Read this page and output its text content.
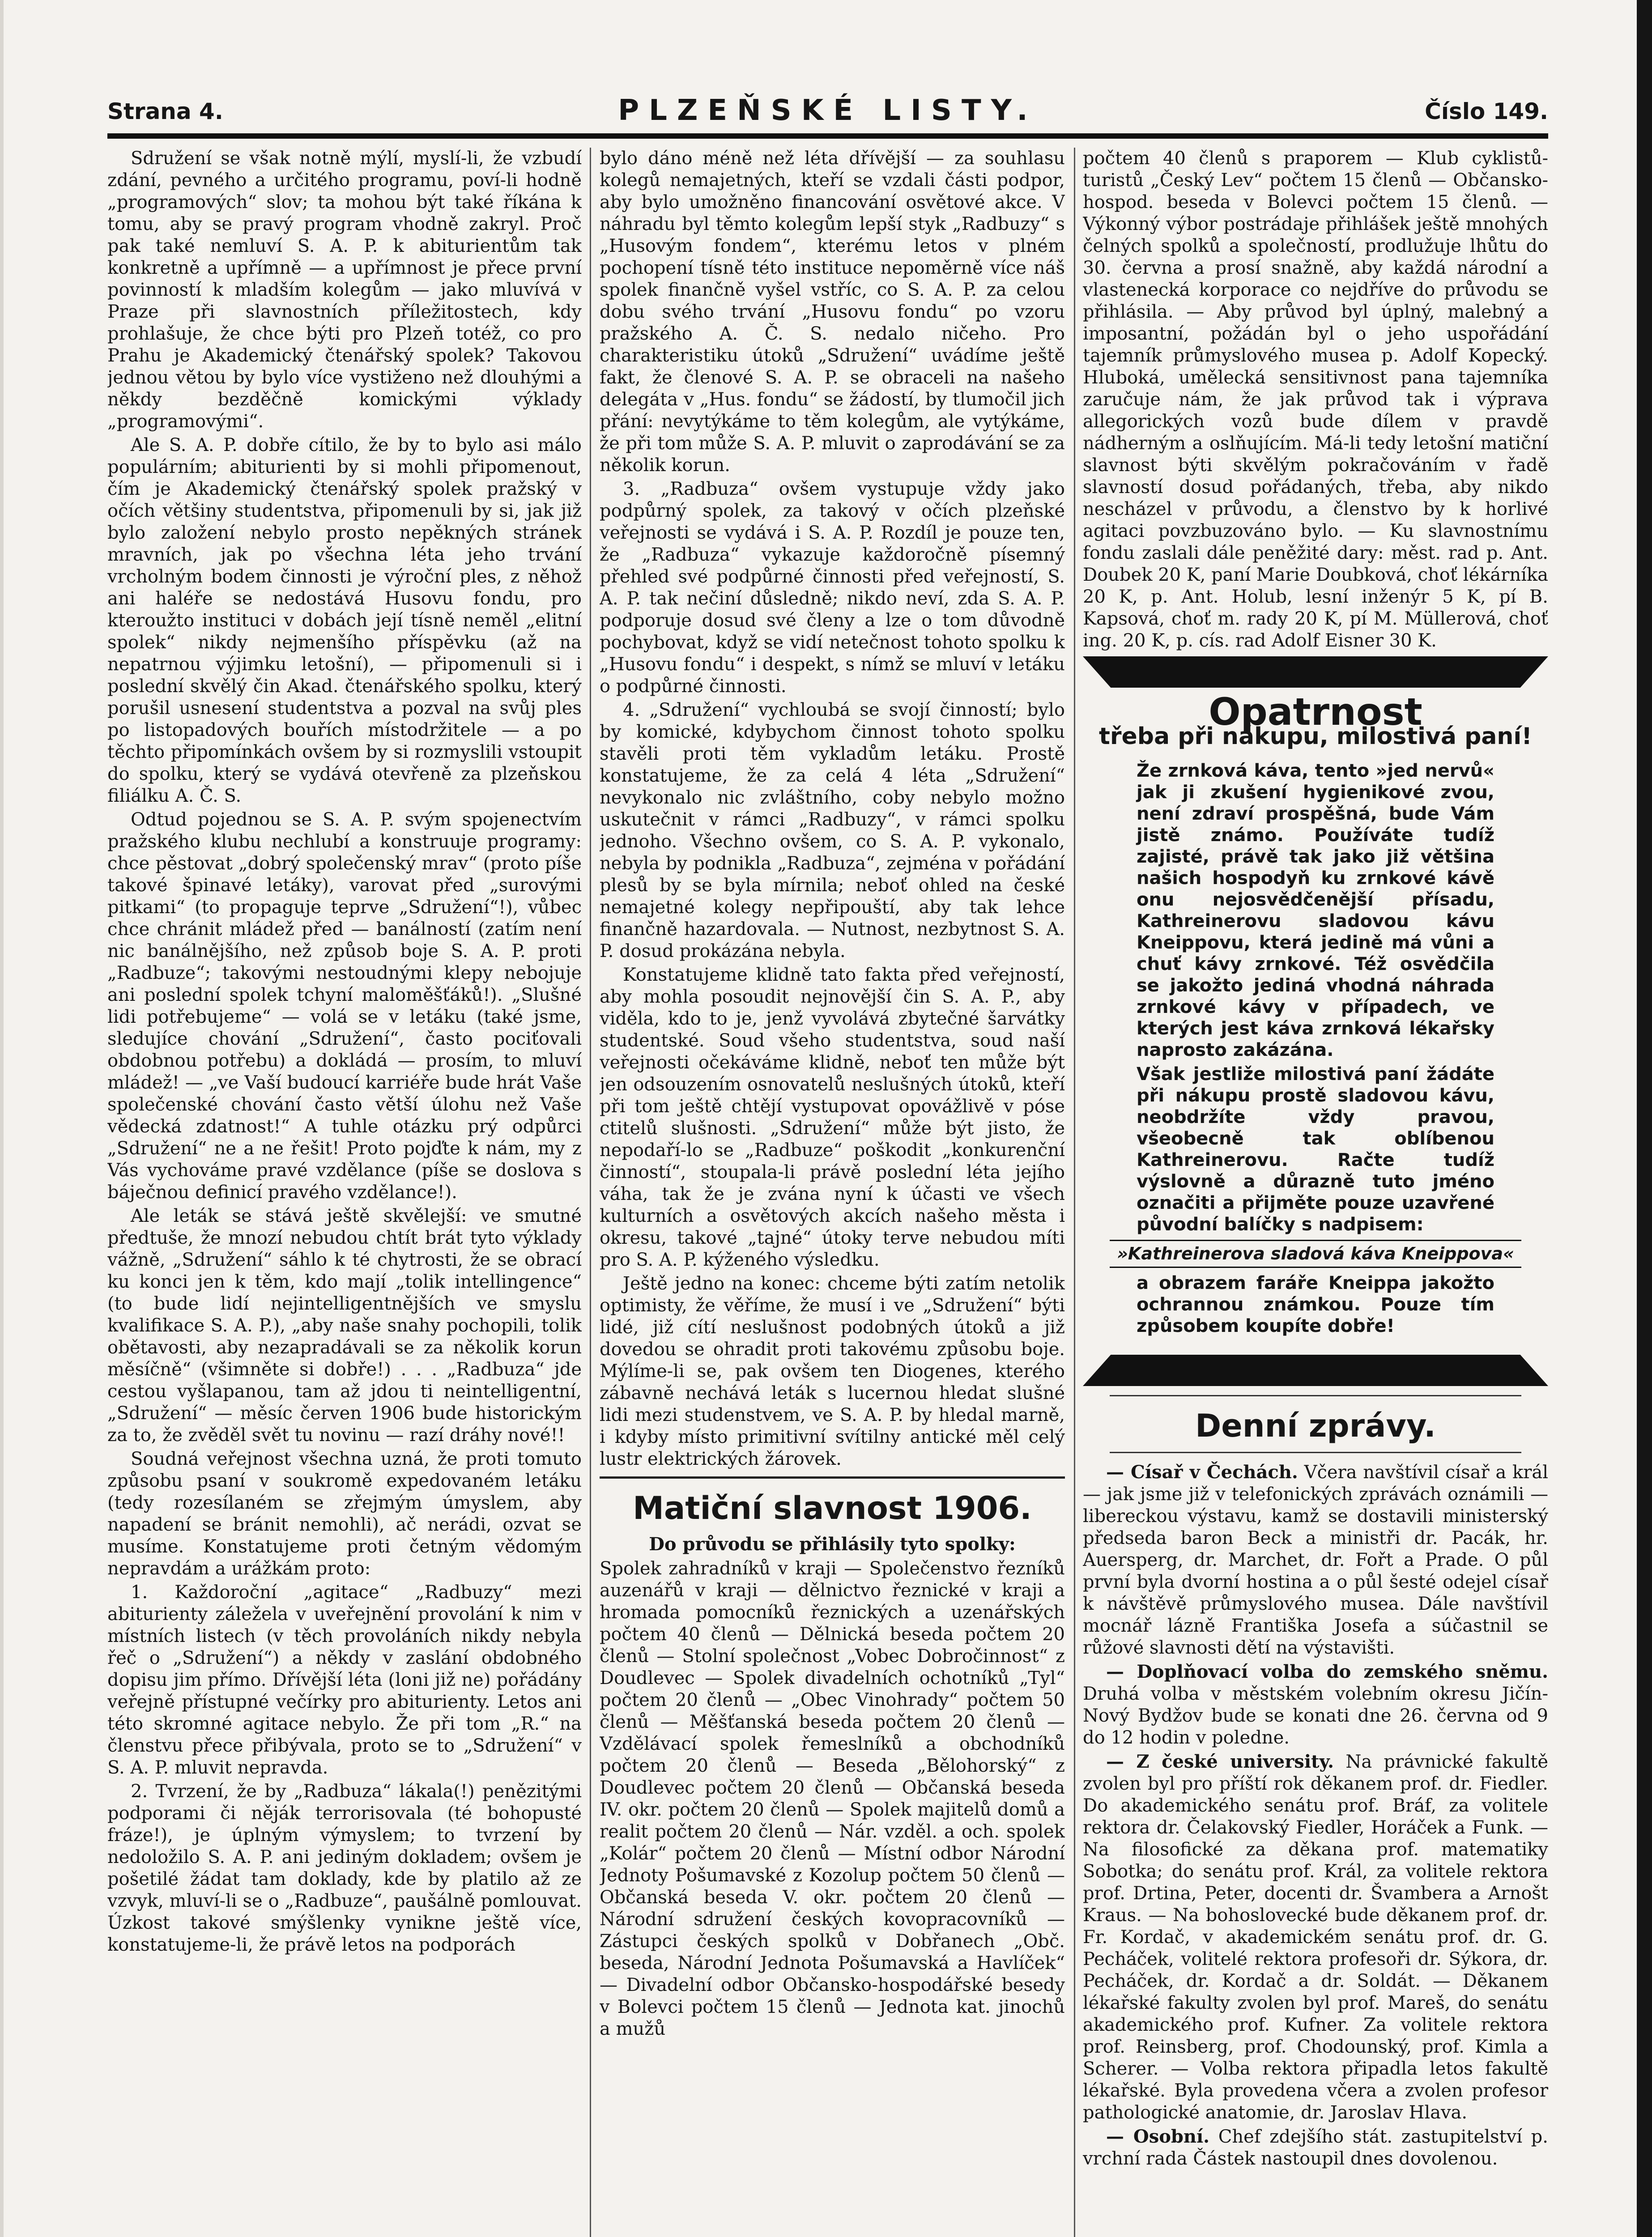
Strana 4.	PLZEŇSKÉ LISTY.	Číslo 149.

Sdružení se však notně mýlí, myslí-li, že vzbudí zdání, pevného a určitého programu, poví-li hodně „programových“ slov; ta mohou být také říkána k tomu, aby se pravý program vhodně zakryl. Proč pak také nemluví S. A. P. k abiturientům tak konkretně a upřímně — a upřímnost je přece první povinností k mladším kolegům — jako mluvívá v Praze při slavnostních příležitostech, kdy prohlašuje, že chce býti pro Plzeň totéž, co pro Prahu je Akademický čtenářský spolek? Takovou jednou větou by bylo více vystiženo než dlouhými a někdy bezděčně komickými výklady „programovými“.

Ale S. A. P. dobře cítilo, že by to bylo asi málo populárním; abiturienti by si mohli připomenout, čím je Akademický čtenářský spolek pražský v očích většiny studentstva, připomenuli by si, jak již bylo založení nebylo prosto nepěkných stránek mravních, jak po všechna léta jeho trvání vrcholným bodem činnosti je výroční ples, z něhož ani haléře se nedostává Husovu fondu, pro kteroužto instituci v dobách její tísně neměl „elitní spolek“ nikdy nejmenšího příspěvku (až na nepatrnou výjimku letošní), — připomenuli si i poslední skvělý čin Akad. čtenářského spolku, který porušil usnesení studentstva a pozval na svůj ples po listopadových bouřích místodržitele — a po těchto připomínkách ovšem by si rozmyslili vstoupit do spolku, který se vydává otevřeně za plzeňskou filiálku A. Č. S.

Odtud pojednou se S. A. P. svým spojenectvím pražského klubu nechlubí a konstruuje programy: chce pěstovat „dobrý společenský mrav“ (proto píše takové špinavé letáky), varovat před „surovými pitkami“ (to propaguje teprve „Sdružení“!), vůbec chce chránit mládež před — banálností (zatím není nic banálnějšího, než způsob boje S. A. P. proti „Radbuze“; takovými nestoudnými klepy nebojuje ani poslední spolek tchyní maloměšťáků!). „Slušné lidi potřebujeme“ — volá se v letáku (také jsme, sledujíce chování „Sdružení“, často pociťovali obdobnou potřebu) a dokládá — prosím, to mluví mládež! — „ve Vaší budoucí karriéře bude hrát Vaše společenské chování často větší úlohu než Vaše vědecká zdatnost!“ A tuhle otázku prý odpůrci „Sdružení“ ne a ne řešit! Proto pojďte k nám, my z Vás vychováme pravé vzdělance (píše se doslova s báječnou definicí pravého vzdělance!).

Ale leták se stává ještě skvělejší: ve smutné předtuše, že mnozí nebudou chtít brát tyto výklady vážně, „Sdružení“ sáhlo k té chytrosti, že se obrací ku konci jen k těm, kdo mají „tolik intellingence“ (to bude lidí nejintelligentnějších ve smyslu kvalifikace S. A. P.), „aby naše snahy pochopili, tolik obětavosti, aby nezapradávali se za několik korun měsíčně“ (všimněte si dobře!) . . . „Radbuza“ jde cestou vyšlapanou, tam až jdou ti neintelligentní, „Sdružení“ — měsíc červen 1906 bude historickým za to, že zvěděl svět tu novinu — razí dráhy nové!!

Soudná veřejnost všechna uzná, že proti tomuto způsobu psaní v soukromě expedovaném letáku (tedy rozesílaném se zřejmým úmyslem, aby napadení se bránit nemohli), ač nerádi, ozvat se musíme. Konstatujeme proti četným vědomým nepravdám a urážkám proto:

1. Každoroční „agitace“ „Radbuzy“ mezi abiturienty záležela v uveřejnění provolání k nim v místních listech (v těch provoláních nikdy nebyla řeč o „Sdružení“) a někdy v zaslání obdobného dopisu jim přímo. Dřívější léta (loni již ne) pořádány veřejně přístupné večírky pro abiturienty. Letos ani této skromné agitace nebylo. Že při tom „R.“ na členstvu přece přibývala, proto se to „Sdružení“ v S. A. P. mluvit nepravda.

2. Tvrzení, že by „Radbuza“ lákala(!) penězitými podporami či něják terrorisovala (té bohopusté fráze!), je úplným výmyslem; to tvrzení by nedoložilo S. A. P. ani jediným dokladem; ovšem je pošetilé žádat tam doklady, kde by platilo až ze vzvyk, mluví-li se o „Radbuze“, paušálně pomlouvat. Úzkost takové smýšlenky vynikne ještě více, konstatujeme-li, že právě letos na podporách

bylo dáno méně než léta dřívější — za souhlasu kolegů nemajetných, kteří se vzdali části podpor, aby bylo umožněno financování osvětové akce. V náhradu byl těmto kolegům lepší styk „Radbuzy“ s „Husovým fondem“, kterému letos v plném pochopení tísně této instituce nepoměrně více náš spolek finančně vyšel vstříc, co S. A. P. za celou dobu svého trvání „Husovu fondu“ po vzoru pražského A. Č. S. nedalo ničeho. Pro charakteristiku útoků „Sdružení“ uvádíme ještě fakt, že členové S. A. P. se obraceli na našeho delegáta v „Hus. fondu“ se žádostí, by tlumočil jich přání: nevytýkáme to těm kolegům, ale vytýkáme, že při tom může S. A. P. mluvit o zaprodávání se za několik korun.

3. „Radbuza“ ovšem vystupuje vždy jako podpůrný spolek, za takový v očích plzeňské veřejnosti se vydává i S. A. P. Rozdíl je pouze ten, že „Radbuza“ vykazuje každoročně písemný přehled své podpůrné činnosti před veřejností, S. A. P. tak nečiní důsledně; nikdo neví, zda S. A. P. podporuje dosud své členy a lze o tom důvodně pochybovat, když se vidí netečnost tohoto spolku k „Husovu fondu“ i despekt, s nímž se mluví v letáku o podpůrné činnosti.

4. „Sdružení“ vychloubá se svojí činností; bylo by komické, kdybychom činnost tohoto spolku stavěli proti těm vykladům letáku. Prostě konstatujeme, že za celá 4 léta „Sdružení“ nevykonalo nic zvláštního, coby nebylo možno uskutečnit v rámci „Radbuzy“, v rámci spolku jednoho. Všechno ovšem, co S. A. P. vykonalo, nebyla by podnikla „Radbuza“, zejména v pořádání plesů by se byla mírnila; neboť ohled na české nemajetné kolegy nepřipouští, aby tak lehce finančně hazardovala. — Nutnost, nezbytnost S. A. P. dosud prokázána nebyla.

Konstatujeme klidně tato fakta před veřejností, aby mohla posoudit nejnovější čin S. A. P., aby viděla, kdo to je, jenž vyvolává zbytečné šarvátky studentské. Soud všeho studentstva, soud naší veřejnosti očekáváme klidně, neboť ten může být jen odsouzením osnovatelů neslušných útoků, kteří při tom ještě chtějí vystupovat opovážlivě v póse ctitelů slušnosti. „Sdružení“ může být jisto, že nepodaří-lo se „Radbuze“ poškodit „konkurenční činností“, stoupala-li právě poslední léta jejího váha, tak že je zvána nyní k účasti ve všech kulturních a osvětových akcích našeho města i okresu, takové „tajné“ útoky terve nebudou míti pro S. A. P. kýženého výsledku.

Ještě jedno na konec: chceme býti zatím netolik optimisty, že věříme, že musí i ve „Sdružení“ býti lidé, již cítí neslušnost podobných útoků a již dovedou se ohradit proti takovému způsobu boje. Mýlíme-li se, pak ovšem ten Diogenes, kterého zábavně nechává leták s lucernou hledat slušné lidi mezi studenstvem, ve S. A. P. by hledal marně, i kdyby místo primitivní svítilny antické měl celý lustr elektrických žárovek.

Matiční slavnost 1906.
Do průvodu se přihlásily tyto spolky:

Spolek zahradníků v kraji — Společenstvo řezníků auzenářů v kraji — dělnictvo řeznické v kraji a hromada pomocníků řeznických a uzenářských počtem 40 členů — Dělnická beseda počtem 20 členů — Stolní společnost „Vobec Dobročinnost“ z Doudlevec — Spolek divadelních ochotníků „Tyl“ počtem 20 členů — „Obec Vinohrady“ počtem 50 členů — Měšťanská beseda počtem 20 členů — Vzdělávací spolek řemeslníků a obchodníků počtem 20 členů — Beseda „Bělohorský“ z Doudlevec počtem 20 členů — Občanská beseda IV. okr. počtem 20 členů — Spolek majitelů domů a realit počtem 20 členů — Nár. vzděl. a och. spolek „Kolár“ počtem 20 členů — Místní odbor Národní Jednoty Pošumavské z Kozolup počtem 50 členů — Občanská beseda V. okr. počtem 20 členů — Národní sdružení českých kovopracovníků — Zástupci českých spolků v Dobřanech „Obč. beseda, Národní Jednota Pošumavská a Havlíček“ — Divadelní odbor Občansko-hospodářské besedy v Bolevci počtem 15 členů — Jednota kat. jinochů a mužů

počtem 40 členů s praporem — Klub cyklistů-turistů „Český Lev“ počtem 15 členů — Občansko-hospod. beseda v Bolevci počtem 15 členů. — Výkonný výbor postrádaje přihlášek ještě mnohých čelných spolků a společností, prodlužuje lhůtu do 30. června a prosí snažně, aby každá národní a vlastenecká korporace co nejdříve do průvodu se přihlásila. — Aby průvod byl úplný, malebný a imposantní, požádán byl o jeho uspořádání tajemník průmyslového musea p. Adolf Kopecký. Hluboká, umělecká sensitivnost pana tajemníka zaručuje nám, že jak průvod tak i výprava allegorických vozů bude dílem v pravdě nádherným a oslňujícím. Má-li tedy letošní matiční slavnost býti skvělým pokračováním v řadě slavností dosud pořádaných, třeba, aby nikdo nescházel v průvodu, a členstvo by k horlivé agitaci povzbuzováno bylo. — Ku slavnostnímu fondu zaslali dále peněžité dary: měst. rad p. Ant. Doubek 20 K, paní Marie Doubková, choť lékárníka 20 K, p. Ant. Holub, lesní inženýr 5 K, pí B. Kapsová, choť m. rady 20 K, pí M. Müllerová, choť ing. 20 K, p. cís. rad Adolf Eisner 30 K.

Opatrnost
třeba při nákupu, milostivá paní!

Že zrnková káva, tento »jed nervů« jak ji zkušení hygienikové zvou, není zdraví prospěšná, bude Vám jistě známo. Používáte tudíž zajisté, právě tak jako již většina našich hospodyň ku zrnkové kávě onu nejosvědčenější přísadu, Kathreinerovu sladovou kávu Kneippovu, která jedině má vůni a chuť kávy zrnkové. Též osvědčila se jakožto jediná vhodná náhrada zrnkové kávy v případech, ve kterých jest káva zrnková lékařsky naprosto zakázána.

Však jestliže milostivá paní žádáte při nákupu prostě sladovou kávu, neobdržíte vždy pravou, všeobecně tak oblíbenou Kathreinerovu. Račte tudíž výslovně a důrazně tuto jméno označiti a přijměte pouze uzavřené původní balíčky s nadpisem:

»Kathreinerova sladová káva Kneippova«

a obrazem faráře Kneippa jakožto ochrannou známkou. Pouze tím způsobem koupíte dobře!

Denní zprávy.

— Císař v Čechách. Včera navštívil císař a král — jak jsme již v telefonických zprávách oznámili — libereckou výstavu, kamž se dostavili ministerský předseda baron Beck a ministři dr. Pacák, hr. Auersperg, dr. Marchet, dr. Fořt a Prade. O půl první byla dvorní hostina a o půl šesté odejel císař k návštěvě průmyslového musea. Dále navštívil mocnář lázně Františka Josefa a súčastnil se růžové slavnosti dětí na výstavišti.

— Doplňovací volba do zemského sněmu. Druhá volba v městském volebním okresu Jičín-Nový Bydžov bude se konati dne 26. června od 9 do 12 hodin v poledne.

— Z české university. Na právnické fakultě zvolen byl pro příští rok děkanem prof. dr. Fiedler. Do akademického senátu prof. Bráf, za volitele rektora dr. Čelakovský Fiedler, Horáček a Funk. — Na filosofické za děkana prof. matematiky Sobotka; do senátu prof. Král, za volitele rektora prof. Drtina, Peter, docenti dr. Švambera a Arnošt Kraus. — Na bohoslovecké bude děkanem prof. dr. Fr. Kordač, v akademickém senátu prof. dr. G. Pecháček, volitelé rektora profesoři dr. Sýkora, dr. Pecháček, dr. Kordač a dr. Soldát. — Děkanem lékařské fakulty zvolen byl prof. Mareš, do senátu akademického prof. Kufner. Za volitele rektora prof. Reinsberg, prof. Chodounský, prof. Kimla a Scherer. — Volba rektora připadla letos fakultě lékařské. Byla provedena včera a zvolen profesor pathologické anatomie, dr. Jaroslav Hlava.

— Osobní. Chef zdejšího stát. zastupitelství p. vrchní rada Částek nastoupil dnes dovolenou.
